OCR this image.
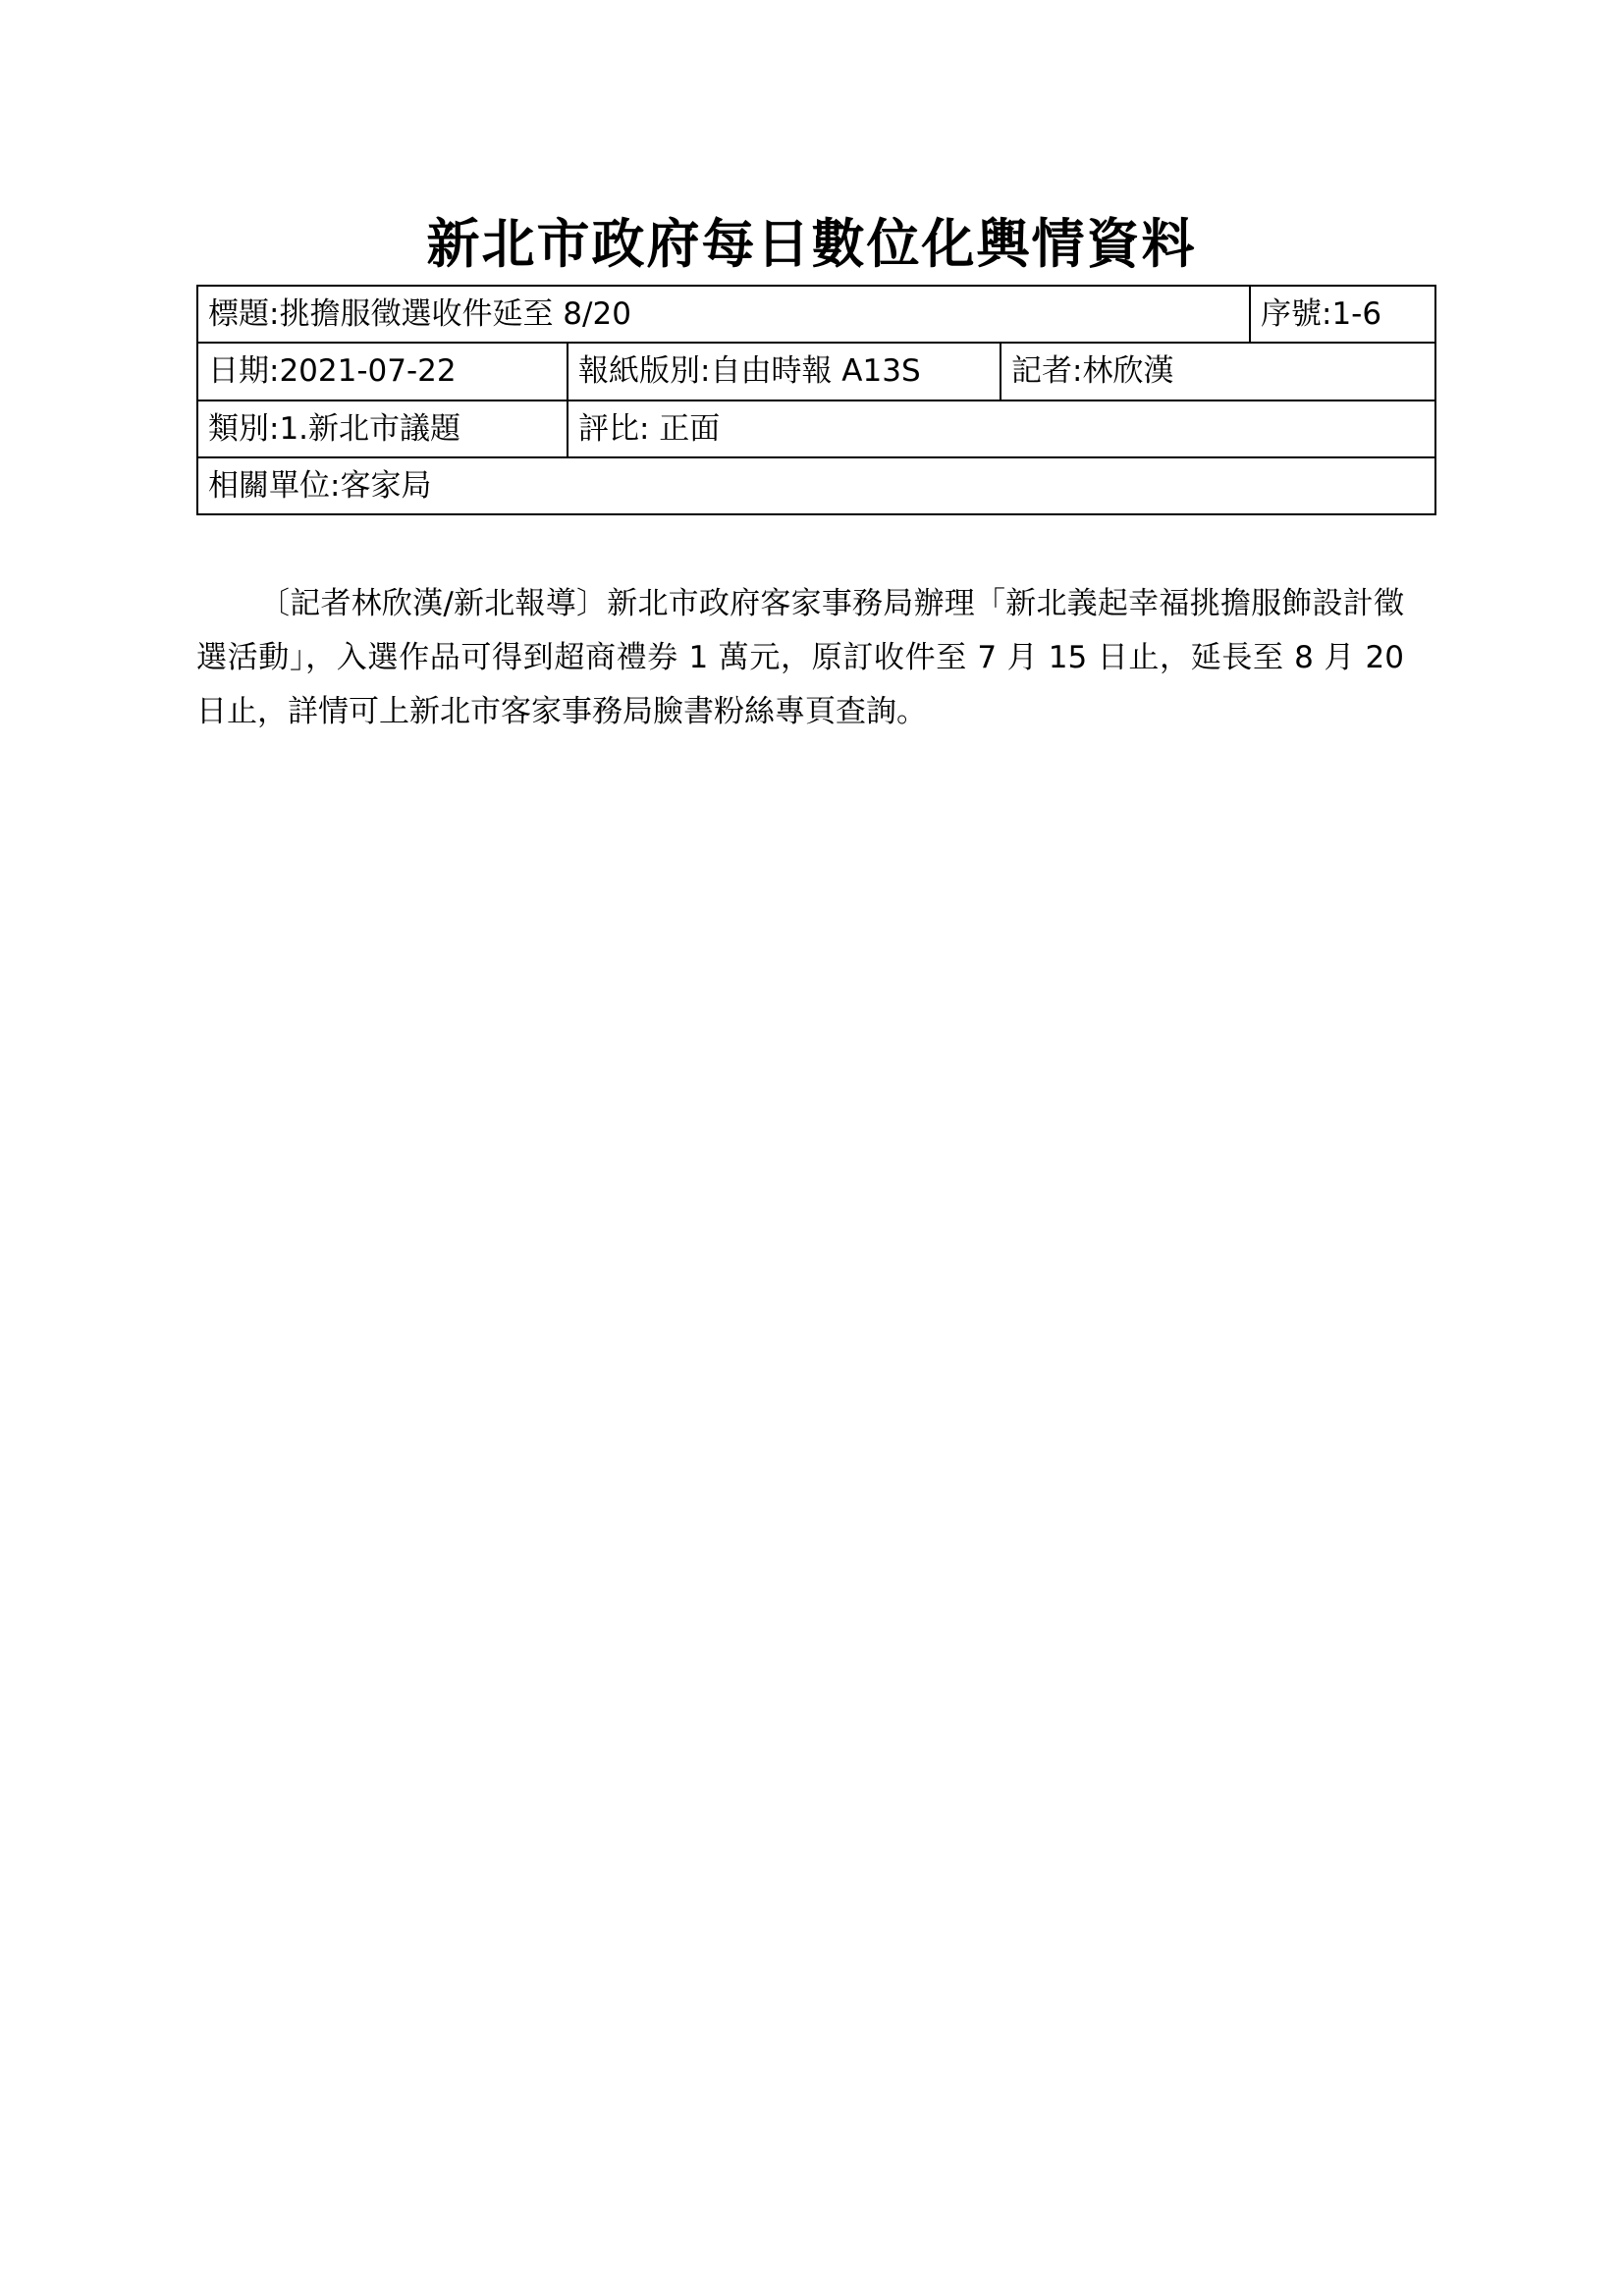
新北市政府每日數位化輿情資料
標題:挑擔服徵選收件延至 8/20			序號:1-6
日期:2021-07-22	報紙版別:自由時報 A13S	記者:林欣漢	
類別:1.新北市議題	評比: 正面		
相關單位:客家局			

〔記者林欣漢/新北報導〕新北市政府客家事務局辦理「新北義起幸福挑擔服飾設計徵選活動」，入選作品可得到超商禮券 1 萬元，原訂收件至 7 月 15 日止，延長至 8 月 20 日止，詳情可上新北市客家事務局臉書粉絲專頁查詢。
